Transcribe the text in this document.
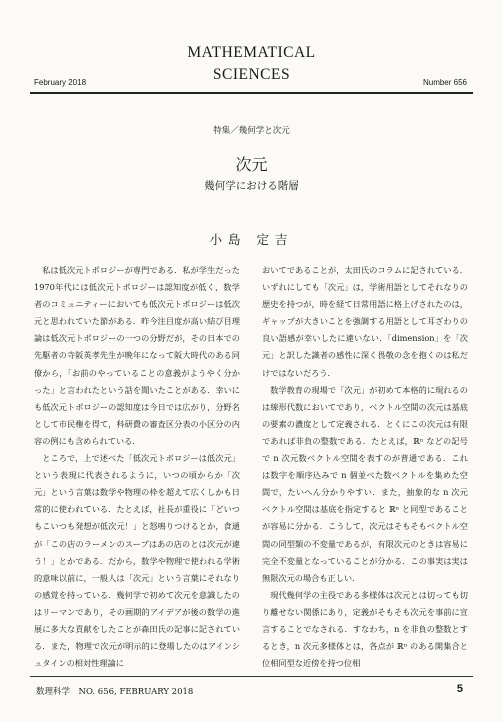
MATHEMATICAL
SCIENCES
February 2018	Number 656
特集／幾何学と次元
次元
幾何学における階層
小島 定吉

私は低次元トポロジーが専門である．私が学生だった1970年代には低次元トポロジーは認知度が低く，数学者のコミュニティーにおいても低次元トポロジーは低次元と思われていた節がある．昨今注目度が高い結び目理論は低次元トポロジーの一つの分野だが，その日本での先駆者の寺阪英孝先生が晩年になって阪大時代のある同僚から，「お前のやっていることの意義がようやく分かった」と言われたという話を聞いたことがある．幸いにも低次元トポロジーの認知度は今日では広がり，分野名として市民権を得て，科研費の審査区分表の小区分の内容の例にも含められている．

ところで，上で述べた「低次元トポロジーは低次元」という表現に代表されるように，いつの頃からか「次元」という言葉は数学や物理の枠を超えて広くしかも日常的に使われている．たとえば，社長が重役に「どいつもこいつも発想が低次元！」と怒鳴りつけるとか，食通が「この店のラーメンのスープはあの店のとは次元が違う！」とかである．だから，数学や物理で使われる学術的意味以前に，一般人は「次元」という言葉にそれなりの感覚を持っている．幾何学で初めて次元を意識したのはリーマンであり，その画期的アイデアが後の数学の進展に多大な貢献をしたことが森田氏の記事に記されている．また，物理で次元が明示的に登場したのはアインシュタインの相対性理論に

おいてであることが，太田氏のコラムに記されている．いずれにしても「次元」は，学術用語としてそれなりの歴史を持つが，時を経て日常用語に格上げされたのは，ギャップが大きいことを強調する用語として耳ざわりの良い語感が幸いしたに違いない．「dimension」を「次元」と訳した識者の感性に深く畏敬の念を抱くのは私だけではないだろう．

数学教育の現場で「次元」が初めて本格的に現れるのは線形代数においてであり，ベクトル空間の次元は基底の要素の濃度として定義される．とくにこの次元は有限であれば非負の整数である．たとえば，ℝⁿ などの記号で n 次元数ベクトル空間を表すのが普通である．これは数字を順序込みで n 個並べた数ベクトルを集めた空間で，たいへん分かりやすい．また，抽象的な n 次元ベクトル空間は基底を指定すると ℝⁿ と同型であることが容易に分かる．こうして，次元はそもそもベクトル空間の同型類の不変量であるが，有限次元のときは容易に完全不変量となっていることが分かる．この事実は実は無限次元の場合も正しい．

現代幾何学の主役である多様体は次元とは切っても切り離せない関係にあり，定義がそもそも次元を事前に宣言することでなされる．すなわち，n を非負の整数とするとき，n 次元多様体とは，各点が ℝⁿ のある開集合と位相同型な近傍を持つ位相

数理科学　NO. 656, FEBRUARY 2018	5
